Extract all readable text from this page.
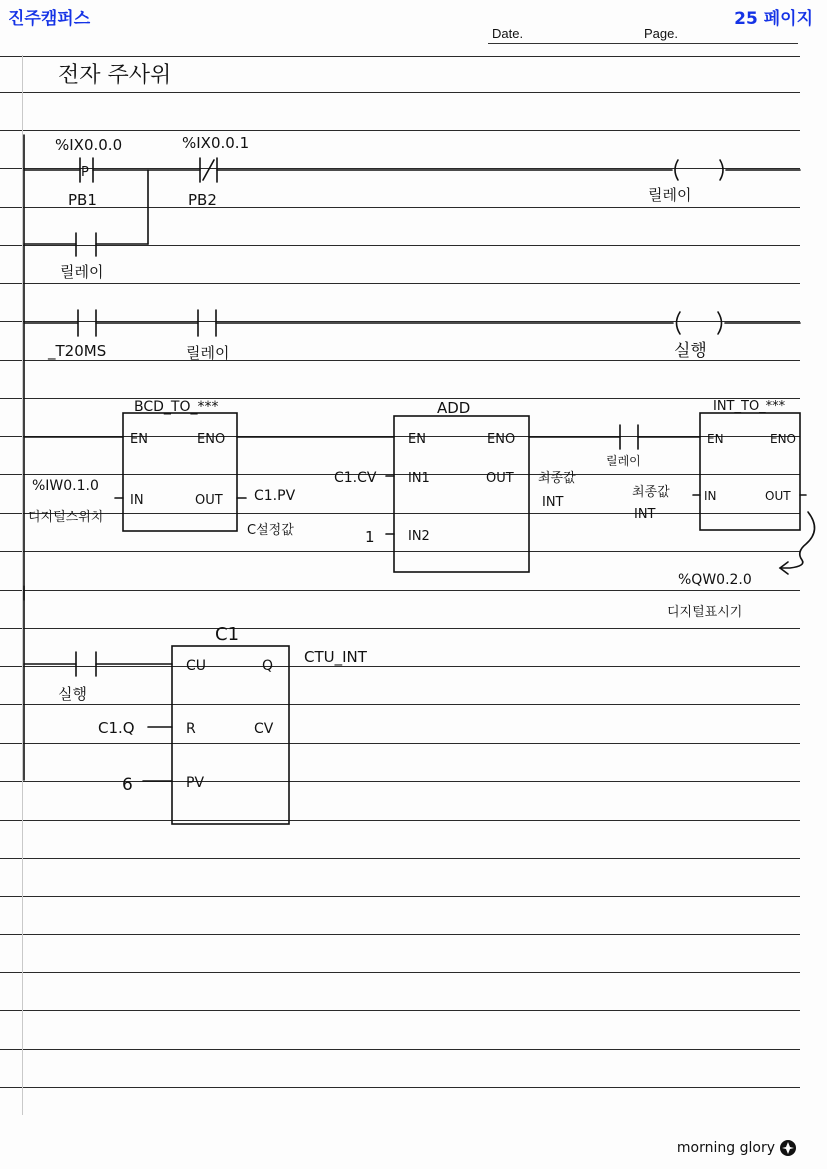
진주캠퍼스	25 페이지
Date.	Page.
전자 주사위
%IX0.0.0
P
PB1
%IX0.0.1
PB2
릴레이
릴레이
_T20MS	릴레이	실행
BCD_TO_***
EN	ENO
IN	OUT
%IW0.1.0
디지털스위치
C1.PV
C설정값
ADD
EN	ENO
IN1	OUT
IN2
C1.CV
1
최종값
INT
릴레이
INT_TO_***
EN	ENO
IN	OUT
최종값
INT
%QW0.2.0
디지털표시기
C1
CU	Q
R	CV
PV
CTU_INT
실행
C1.Q
6
morning glory
